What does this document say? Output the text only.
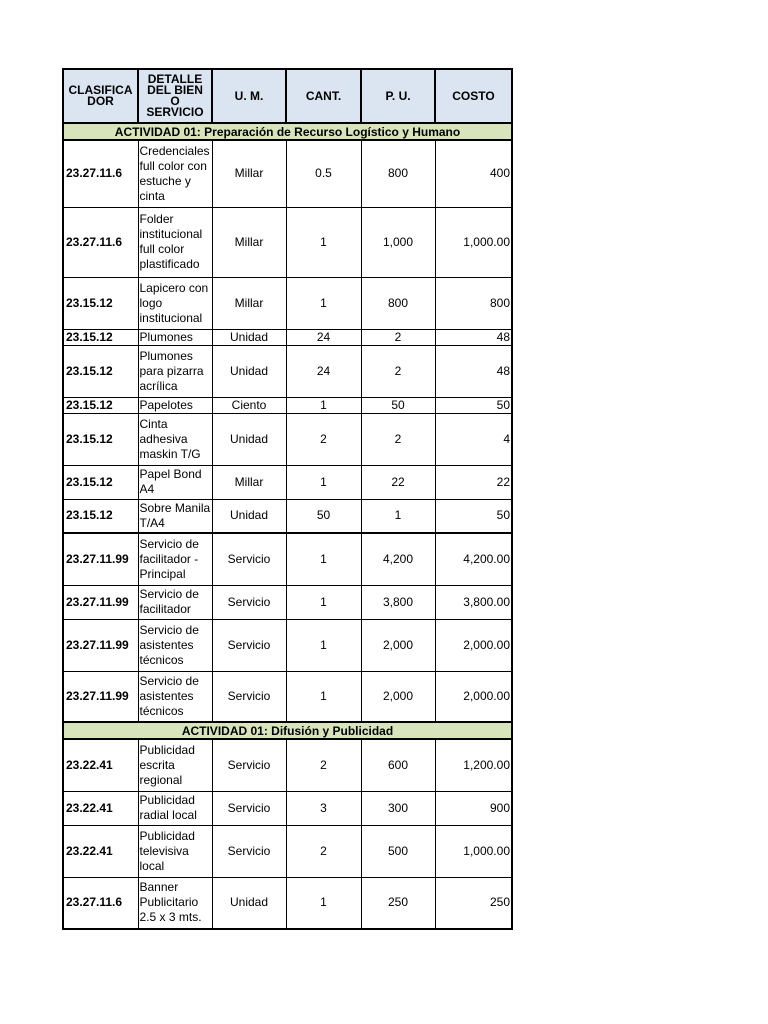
CLASIFICA DOR	DETALLE DEL BIEN O SERVICIO	U. M.	CANT.	P. U.	COSTO
ACTIVIDAD 01: Preparación de Recurso Logístico y Humano					
23.27.11.6	Credenciales full color con estuche y cinta	Millar	0.5	800	400
23.27.11.6	Folder institucional full color plastificado	Millar	1	1,000	1,000.00
23.15.12	Lapicero con logo institucional	Millar	1	800	800
23.15.12	Plumones	Unidad	24	2	48
23.15.12	Plumones para pizarra acrílica	Unidad	24	2	48
23.15.12	Papelotes	Ciento	1	50	50
23.15.12	Cinta adhesiva maskin T/G	Unidad	2	2	4
23.15.12	Papel Bond A4	Millar	1	22	22
23.15.12	Sobre Manila T/A4	Unidad	50	1	50
23.27.11.99	Servicio de facilitador - Principal	Servicio	1	4,200	4,200.00
23.27.11.99	Servicio de facilitador	Servicio	1	3,800	3,800.00
23.27.11.99	Servicio de asistentes técnicos	Servicio	1	2,000	2,000.00
23.27.11.99	Servicio de asistentes técnicos	Servicio	1	2,000	2,000.00
ACTIVIDAD 01: Difusión y Publicidad					
23.22.41	Publicidad escrita regional	Servicio	2	600	1,200.00
23.22.41	Publicidad radial local	Servicio	3	300	900
23.22.41	Publicidad televisiva local	Servicio	2	500	1,000.00
23.27.11.6	Banner Publicitario 2.5 x 3 mts.	Unidad	1	250	250
